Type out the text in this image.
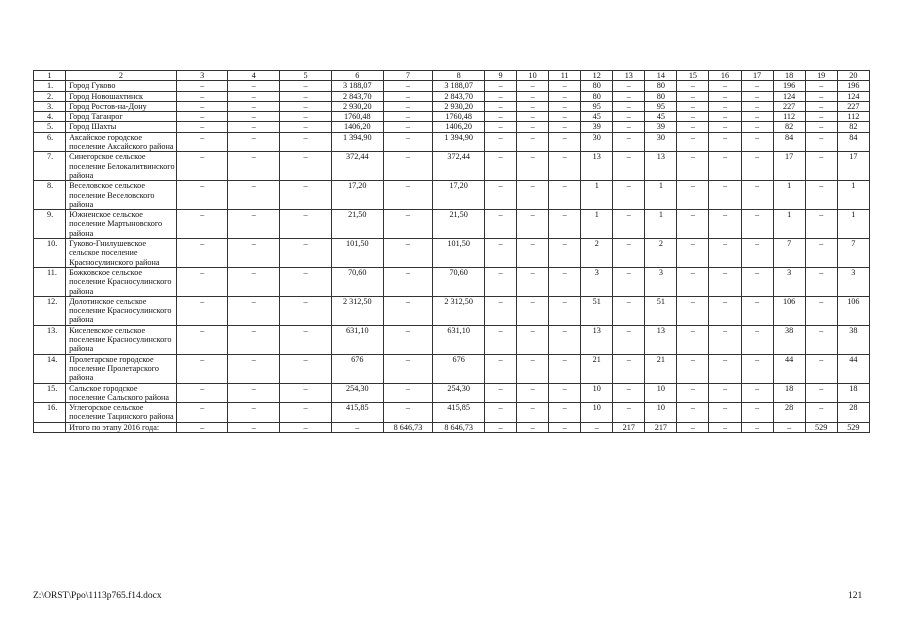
1	2	3	4	5	6	7	8	9	10	11	12	13	14	15	16	17	18	19	20
1.	Город Гуково	–	–	–	3 188,07	–	3 188,07	–	–	–	80	–	80	–	–	–	196	–	196
2.	Город Новошахтинск	–	–	–	2 843,70	–	2 843,70	–	–	–	80	–	80	–	–	–	124	–	124
3.	Город Ростов-на-Дону	–	–	–	2 930,20	–	2 930,20	–	–	–	95	–	95	–	–	–	227	–	227
4.	Город Таганрог	–	–	–	1760,48	–	1760,48	–	–	–	45	–	45	–	–	–	112	–	112
5.	Город Шахты	–	–	–	1406,20	–	1406,20	–	–	–	39	–	39	–	–	–	82	–	82
6.	Аксайское городское поселение Аксайского района	–	–	–	1 394,90	–	1 394,90	–	–	–	30	–	30	–	–	–	84	–	84
7.	Синегорское сельское поселение Белокалитвинского района	–	–	–	372,44	–	372,44	–	–	–	13	–	13	–	–	–	17	–	17
8.	Веселовское сельское поселение Веселовского района	–	–	–	17,20	–	17,20	–	–	–	1	–	1	–	–	–	1	–	1
9.	Южненское сельское поселение Мартыновского района	–	–	–	21,50	–	21,50	–	–	–	1	–	1	–	–	–	1	–	1
10.	Гуково-Гнилушевское сельское поселение Красносулинского района	–	–	–	101,50	–	101,50	–	–	–	2	–	2	–	–	–	7	–	7
11.	Божковское сельское поселение Красносулинского района	–	–	–	70,60	–	70,60	–	–	–	3	–	3	–	–	–	3	–	3
12.	Долотинское сельское поселение Красносулинского района	–	–	–	2 312,50	–	2 312,50	–	–	–	51	–	51	–	–	–	106	–	106
13.	Киселевское сельское поселение Красносулинского района	–	–	–	631,10	–	631,10	–	–	–	13	–	13	–	–	–	38	–	38
14.	Пролетарское городское поселение Пролетарского района	–	–	–	676	–	676	–	–	–	21	–	21	–	–	–	44	–	44
15.	Сальское городское поселение Сальского района	–	–	–	254,30	–	254,30	–	–	–	10	–	10	–	–	–	18	–	18
16.	Углегорское сельское поселение Тацинского района	–	–	–	415,85	–	415,85	–	–	–	10	–	10	–	–	–	28	–	28
	Итого по этапу 2016 года:	–	–	–	–	8 646,73	8 646,73	–	–	–	–	217	217	–	–	–	–	529	529
Z:\ORST\Ppo\1113p765.f14.docx	121
